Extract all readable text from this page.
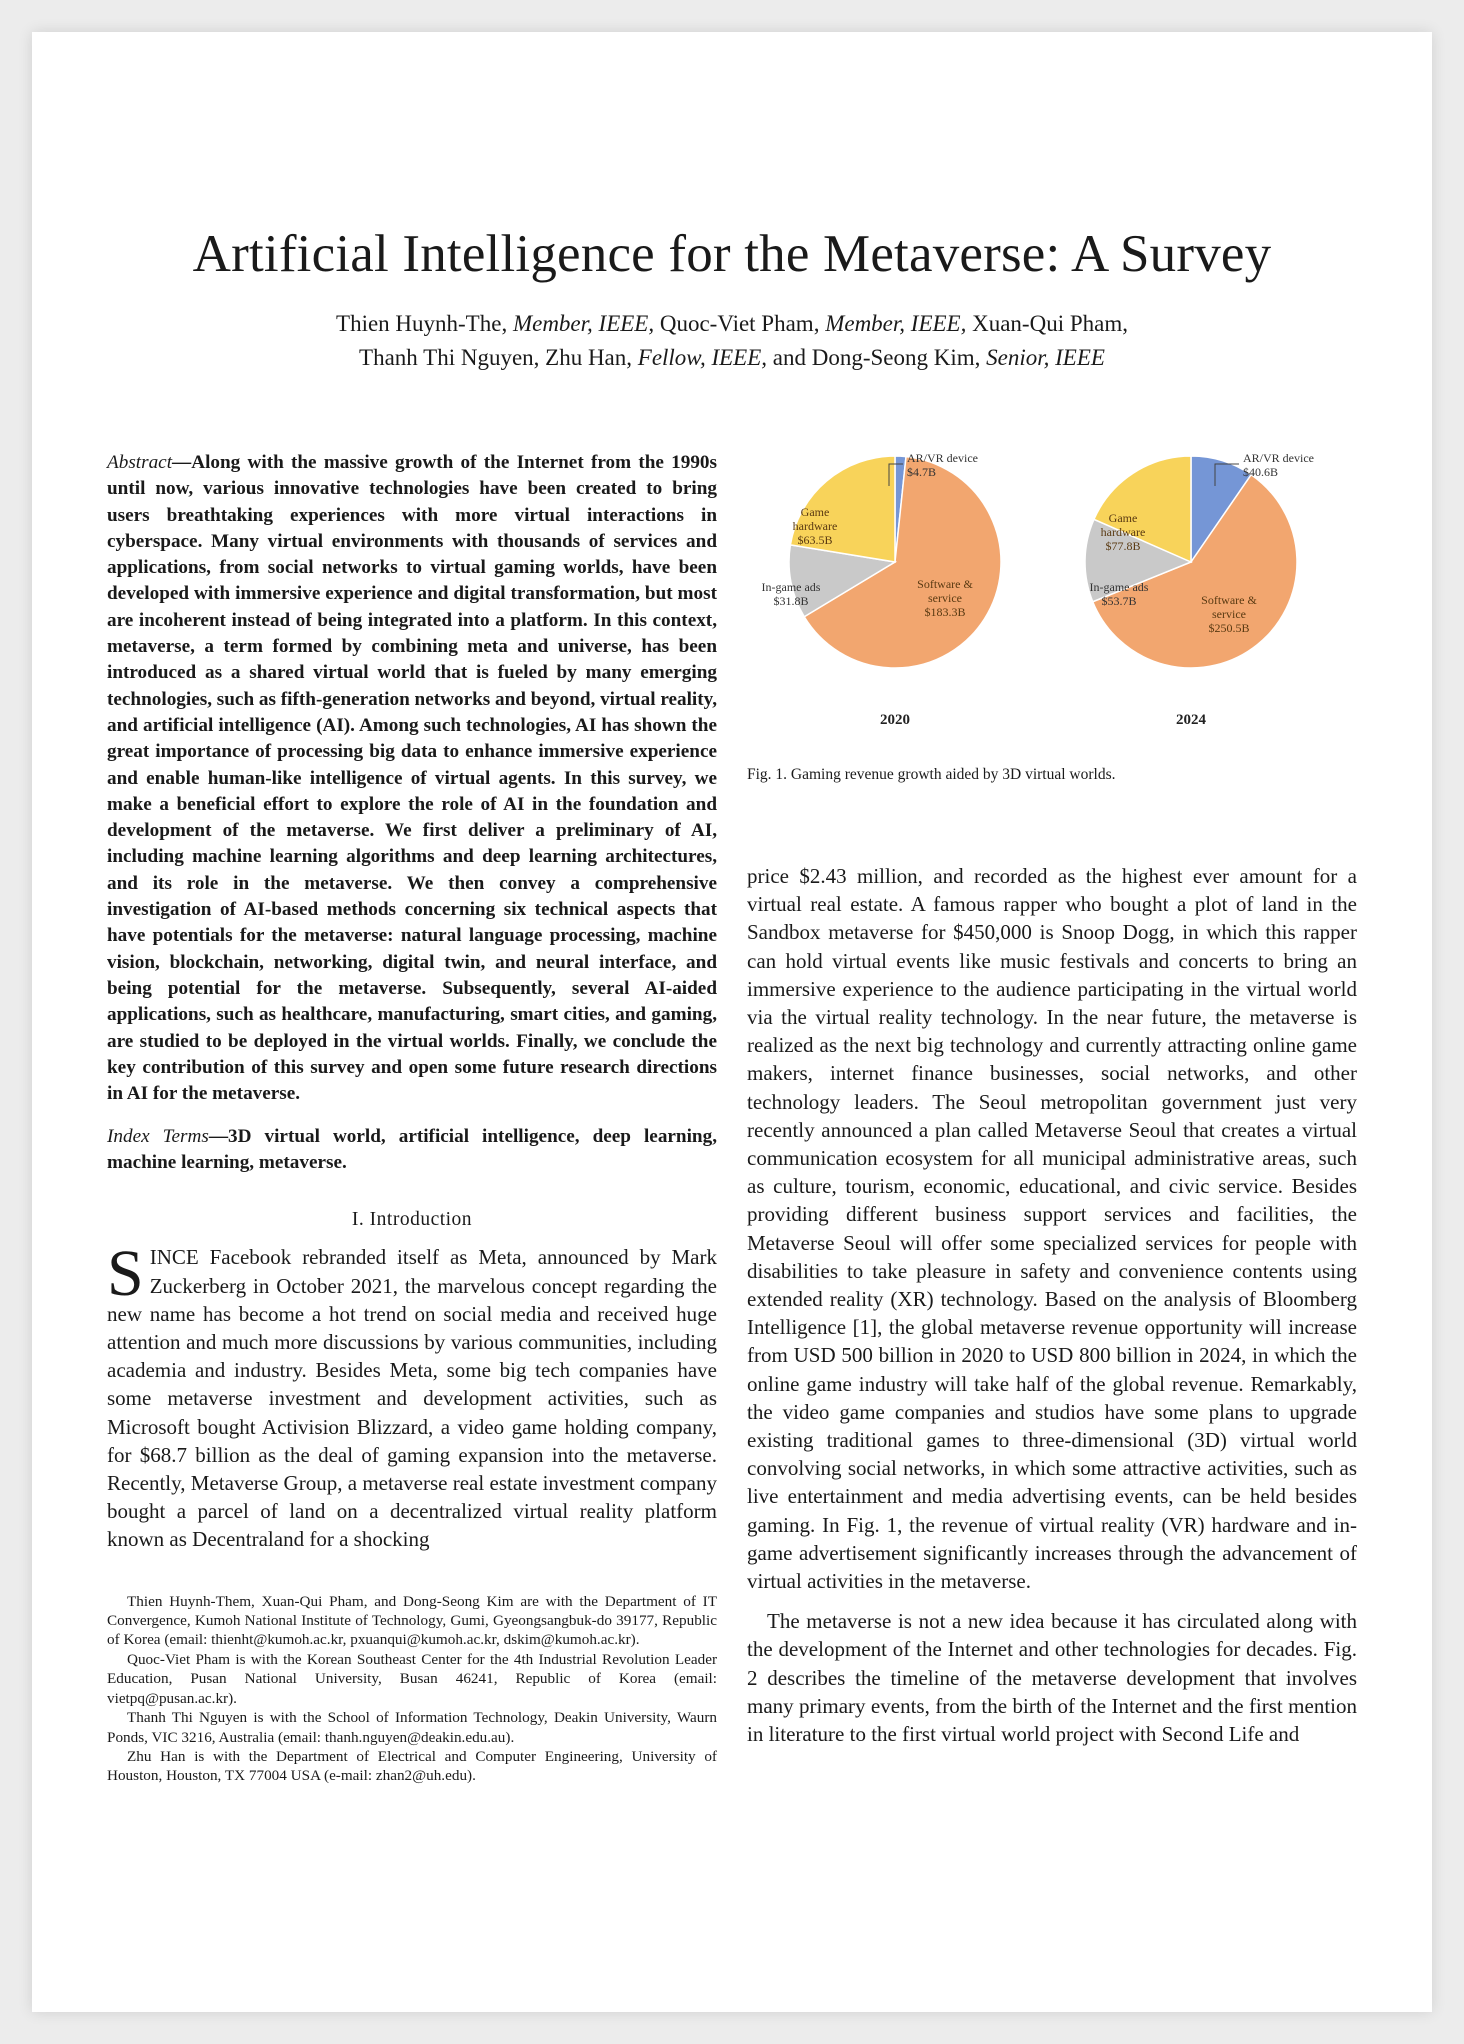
Artificial Intelligence for the Metaverse: A Survey
Thien Huynh-The, Member, IEEE, Quoc-Viet Pham, Member, IEEE, Xuan-Qui Pham,
Thanh Thi Nguyen, Zhu Han, Fellow, IEEE, and Dong-Seong Kim, Senior, IEEE

Abstract—Along with the massive growth of the Internet from the 1990s until now, various innovative technologies have been created to bring users breathtaking experiences with more virtual interactions in cyberspace. Many virtual environments with thousands of services and applications, from social networks to virtual gaming worlds, have been developed with immersive experience and digital transformation, but most are incoherent instead of being integrated into a platform. In this context, metaverse, a term formed by combining meta and universe, has been introduced as a shared virtual world that is fueled by many emerging technologies, such as fifth-generation networks and beyond, virtual reality, and artificial intelligence (AI). Among such technologies, AI has shown the great importance of processing big data to enhance immersive experience and enable human-like intelligence of virtual agents. In this survey, we make a beneficial effort to explore the role of AI in the foundation and development of the metaverse. We first deliver a preliminary of AI, including machine learning algorithms and deep learning architectures, and its role in the metaverse. We then convey a comprehensive investigation of AI-based methods concerning six technical aspects that have potentials for the metaverse: natural language processing, machine vision, blockchain, networking, digital twin, and neural interface, and being potential for the metaverse. Subsequently, several AI-aided applications, such as healthcare, manufacturing, smart cities, and gaming, are studied to be deployed in the virtual worlds. Finally, we conclude the key contribution of this survey and open some future research directions in AI for the metaverse.

Index Terms—3D virtual world, artificial intelligence, deep learning, machine learning, metaverse.

I. Introduction

SINCE Facebook rebranded itself as Meta, announced by Mark Zuckerberg in October 2021, the marvelous concept regarding the new name has become a hot trend on social media and received huge attention and much more discussions by various communities, including academia and industry. Besides Meta, some big tech companies have some metaverse investment and development activities, such as Microsoft bought Activision Blizzard, a video game holding company, for $68.7 billion as the deal of gaming expansion into the metaverse. Recently, Metaverse Group, a metaverse real estate investment company bought a parcel of land on a decentralized virtual reality platform known as Decentraland for a shocking

Thien Huynh-Them, Xuan-Qui Pham, and Dong-Seong Kim are with the Department of IT Convergence, Kumoh National Institute of Technology, Gumi, Gyeongsangbuk-do 39177, Republic of Korea (email: thienht@kumoh.ac.kr, pxuanqui@kumoh.ac.kr, dskim@kumoh.ac.kr).

Quoc-Viet Pham is with the Korean Southeast Center for the 4th Industrial Revolution Leader Education, Pusan National University, Busan 46241, Republic of Korea (email: vietpq@pusan.ac.kr).

Thanh Thi Nguyen is with the School of Information Technology, Deakin University, Waurn Ponds, VIC 3216, Australia (email: thanh.nguyen@deakin.edu.au).

Zhu Han is with the Department of Electrical and Computer Engineering, University of Houston, Houston, TX 77004 USA (e-mail: zhan2@uh.edu).

AR/VR device $4.7B
Software & service $183.3B
In-game ads $31.8B
Game hardware $63.5B
2020
AR/VR device $40.6B
Software & service $250.5B
In-game ads $53.7B
Game hardware $77.8B
2024
Fig. 1. Gaming revenue growth aided by 3D virtual worlds.

price $2.43 million, and recorded as the highest ever amount for a virtual real estate. A famous rapper who bought a plot of land in the Sandbox metaverse for $450,000 is Snoop Dogg, in which this rapper can hold virtual events like music festivals and concerts to bring an immersive experience to the audience participating in the virtual world via the virtual reality technology. In the near future, the metaverse is realized as the next big technology and currently attracting online game makers, internet finance businesses, social networks, and other technology leaders. The Seoul metropolitan government just very recently announced a plan called Metaverse Seoul that creates a virtual communication ecosystem for all municipal administrative areas, such as culture, tourism, economic, educational, and civic service. Besides providing different business support services and facilities, the Metaverse Seoul will offer some specialized services for people with disabilities to take pleasure in safety and convenience contents using extended reality (XR) technology. Based on the analysis of Bloomberg Intelligence [1], the global metaverse revenue opportunity will increase from USD 500 billion in 2020 to USD 800 billion in 2024, in which the online game industry will take half of the global revenue. Remarkably, the video game companies and studios have some plans to upgrade existing traditional games to three-dimensional (3D) virtual world convolving social networks, in which some attractive activities, such as live entertainment and media advertising events, can be held besides gaming. In Fig. 1, the revenue of virtual reality (VR) hardware and in-game advertisement significantly increases through the advancement of virtual activities in the metaverse.

The metaverse is not a new idea because it has circulated along with the development of the Internet and other technologies for decades. Fig. 2 describes the timeline of the metaverse development that involves many primary events, from the birth of the Internet and the first mention in literature to the first virtual world project with Second Life and
